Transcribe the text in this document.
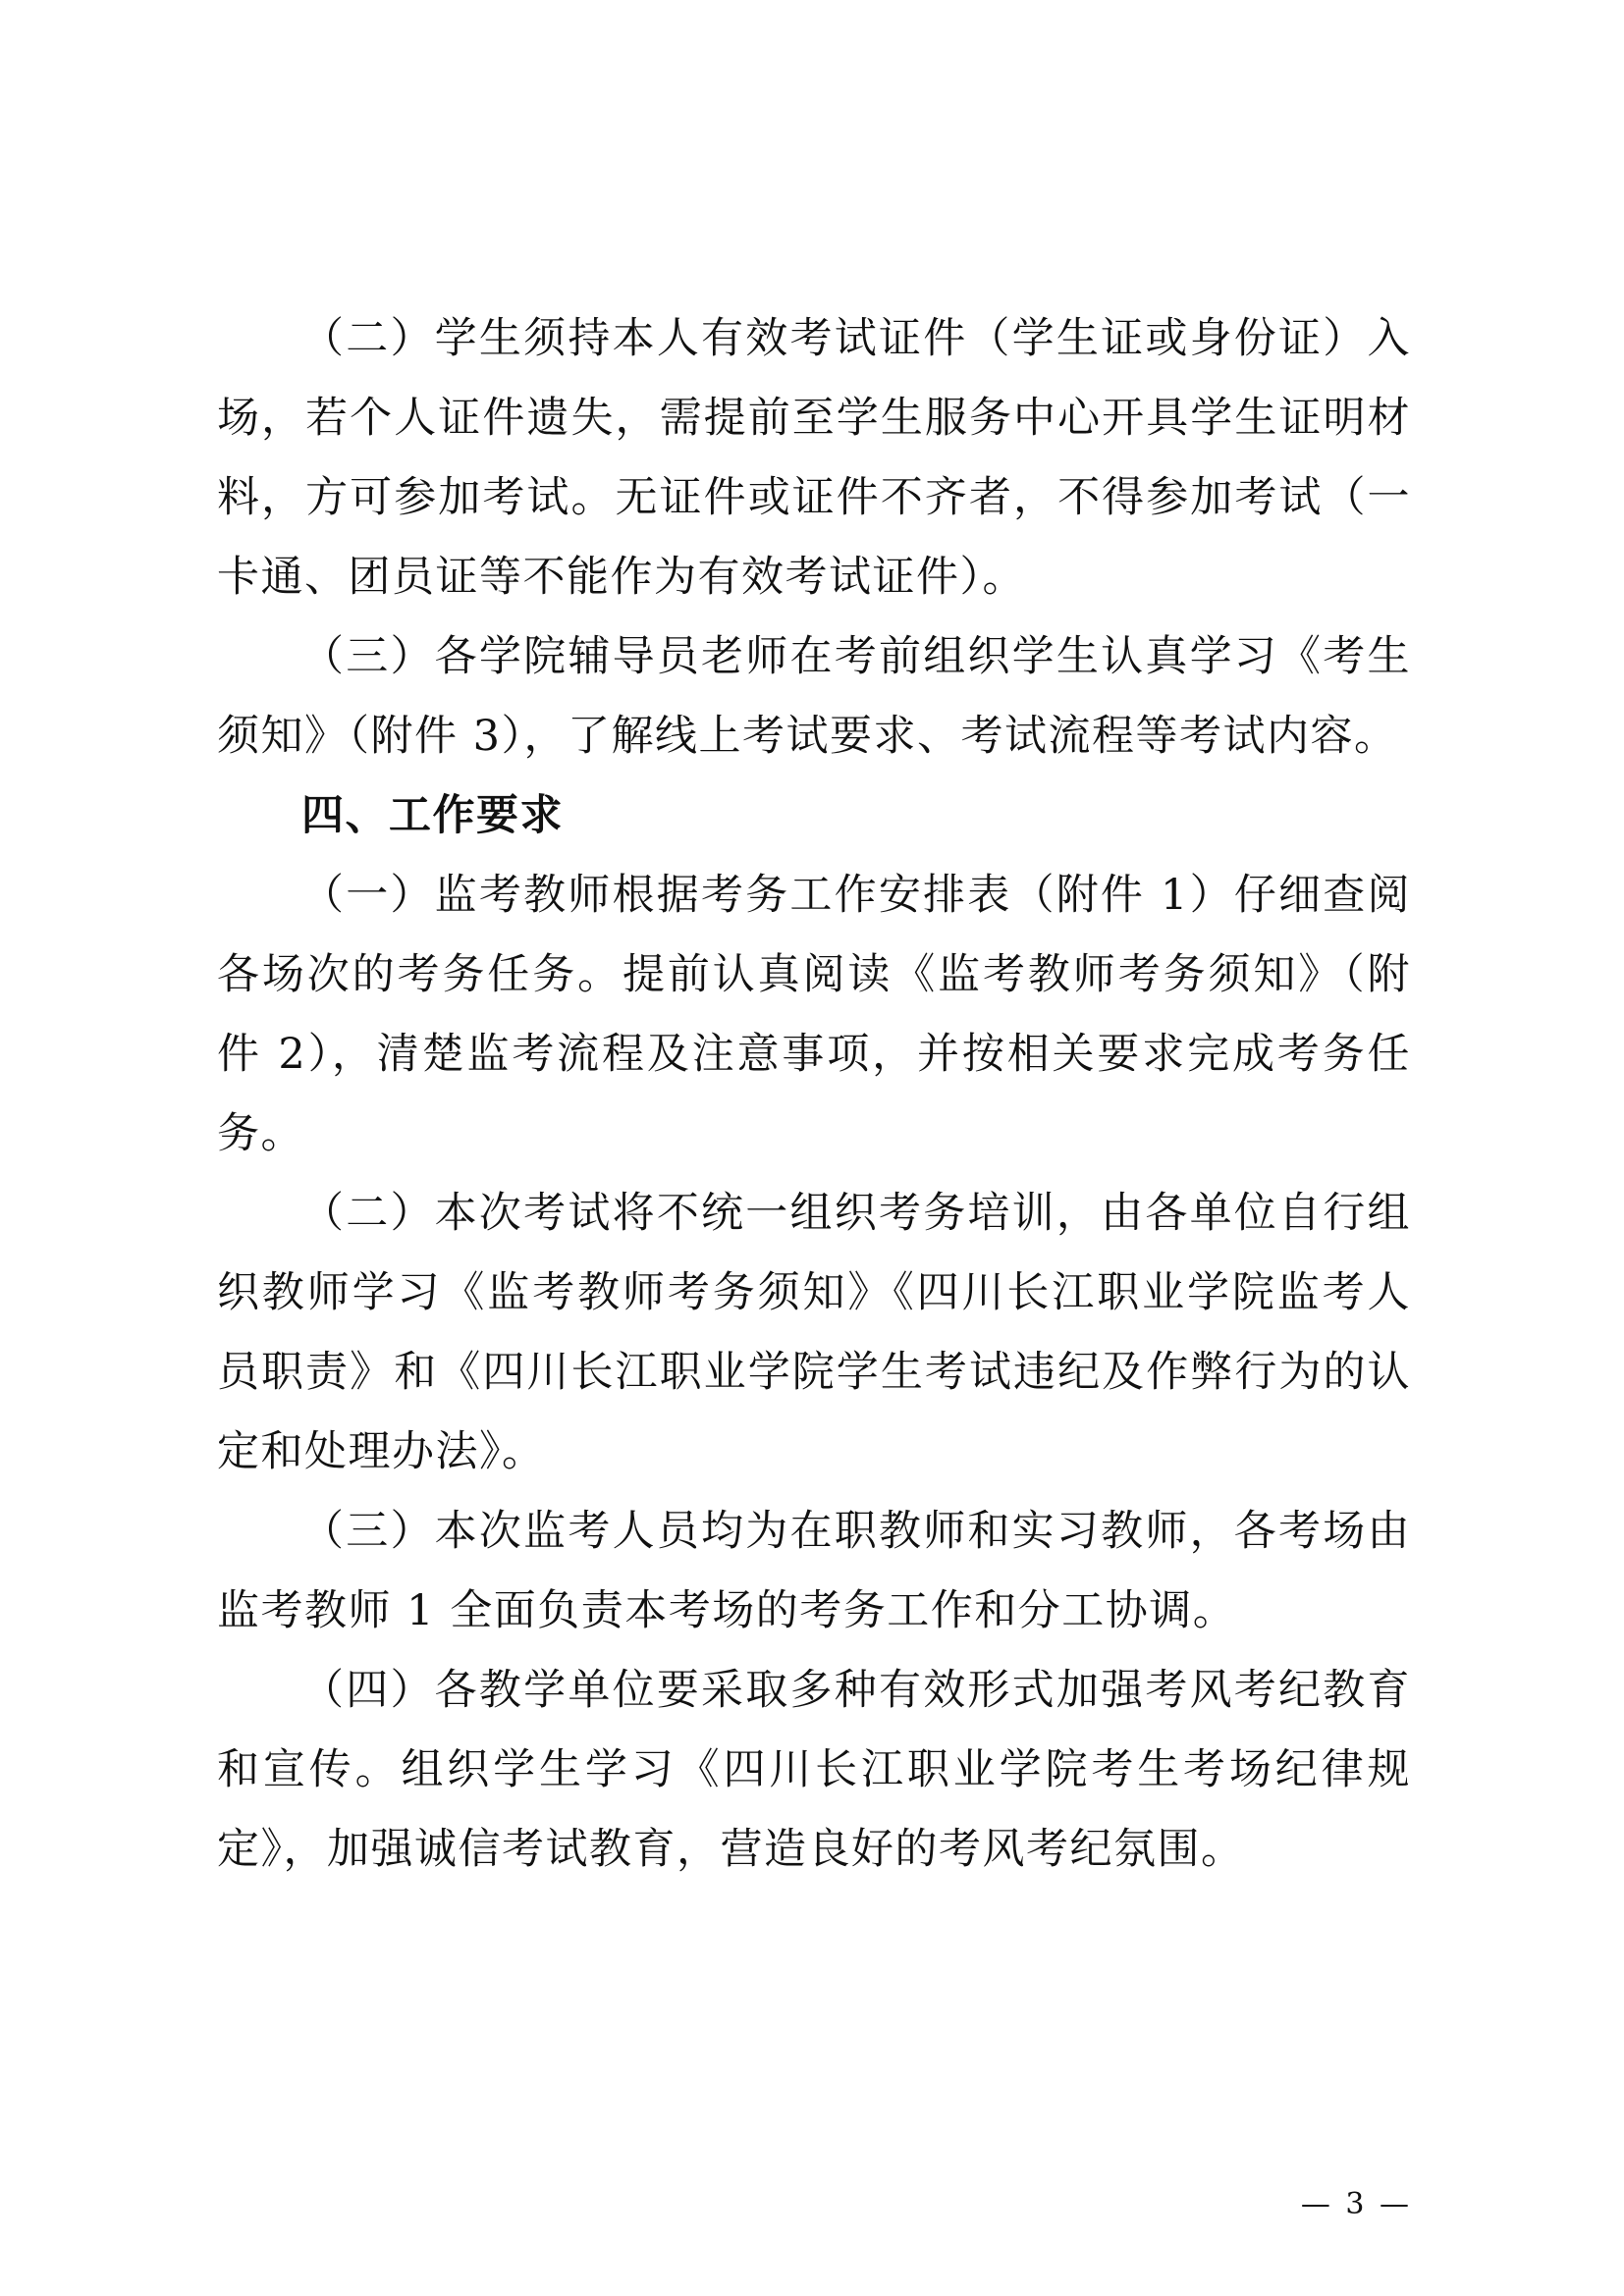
（二）学生须持本人有效考试证件（学生证或身份证）入场，若个人证件遗失，需提前至学生服务中心开具学生证明材料，方可参加考试。无证件或证件不齐者，不得参加考试（一卡通、团员证等不能作为有效考试证件）。

（三）各学院辅导员老师在考前组织学生认真学习《考生须知》（附件 3），了解线上考试要求、考试流程等考试内容。

四、工作要求

（一）监考教师根据考务工作安排表（附件 1）仔细查阅各场次的考务任务。提前认真阅读《监考教师考务须知》（附件 2），清楚监考流程及注意事项，并按相关要求完成考务任务。

（二）本次考试将不统一组织考务培训，由各单位自行组织教师学习《监考教师考务须知》《四川长江职业学院监考人员职责》和《四川长江职业学院学生考试违纪及作弊行为的认定和处理办法》。

（三）本次监考人员均为在职教师和实习教师，各考场由监考教师 1 全面负责本考场的考务工作和分工协调。

（四）各教学单位要采取多种有效形式加强考风考纪教育和宣传。组织学生学习《四川长江职业学院考生考场纪律规定》，加强诚信考试教育，营造良好的考风考纪氛围。

— 3 —
